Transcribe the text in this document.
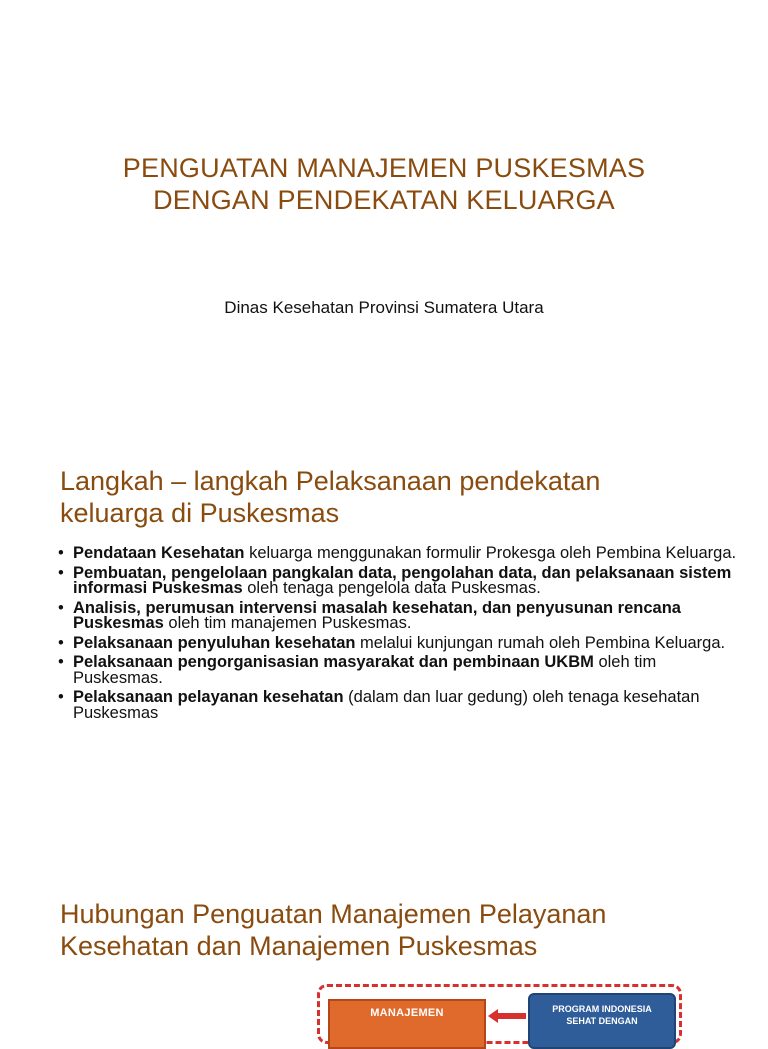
PENGUATAN MANAJEMEN PUSKESMAS
DENGAN PENDEKATAN KELUARGA
Dinas Kesehatan Provinsi Sumatera Utara
Langkah – langkah Pelaksanaan pendekatan
keluarga di Puskesmas
• Pendataan Kesehatan keluarga menggunakan formulir Prokesga oleh Pembina Keluarga.
• Pembuatan, pengelolaan pangkalan data, pengolahan data, dan pelaksanaan sistem informasi Puskesmas oleh tenaga pengelola data Puskesmas.
• Analisis, perumusan intervensi masalah kesehatan, dan penyusunan rencana Puskesmas oleh tim manajemen Puskesmas.
• Pelaksanaan penyuluhan kesehatan melalui kunjungan rumah oleh Pembina Keluarga.
• Pelaksanaan pengorganisasian masyarakat dan pembinaan UKBM oleh tim Puskesmas.
• Pelaksanaan pelayanan kesehatan (dalam dan luar gedung) oleh tenaga kesehatan Puskesmas
Hubungan Penguatan Manajemen Pelayanan
Kesehatan dan Manajemen Puskesmas
MANAJEMEN	PROGRAM INDONESIA
SEHAT DENGAN
